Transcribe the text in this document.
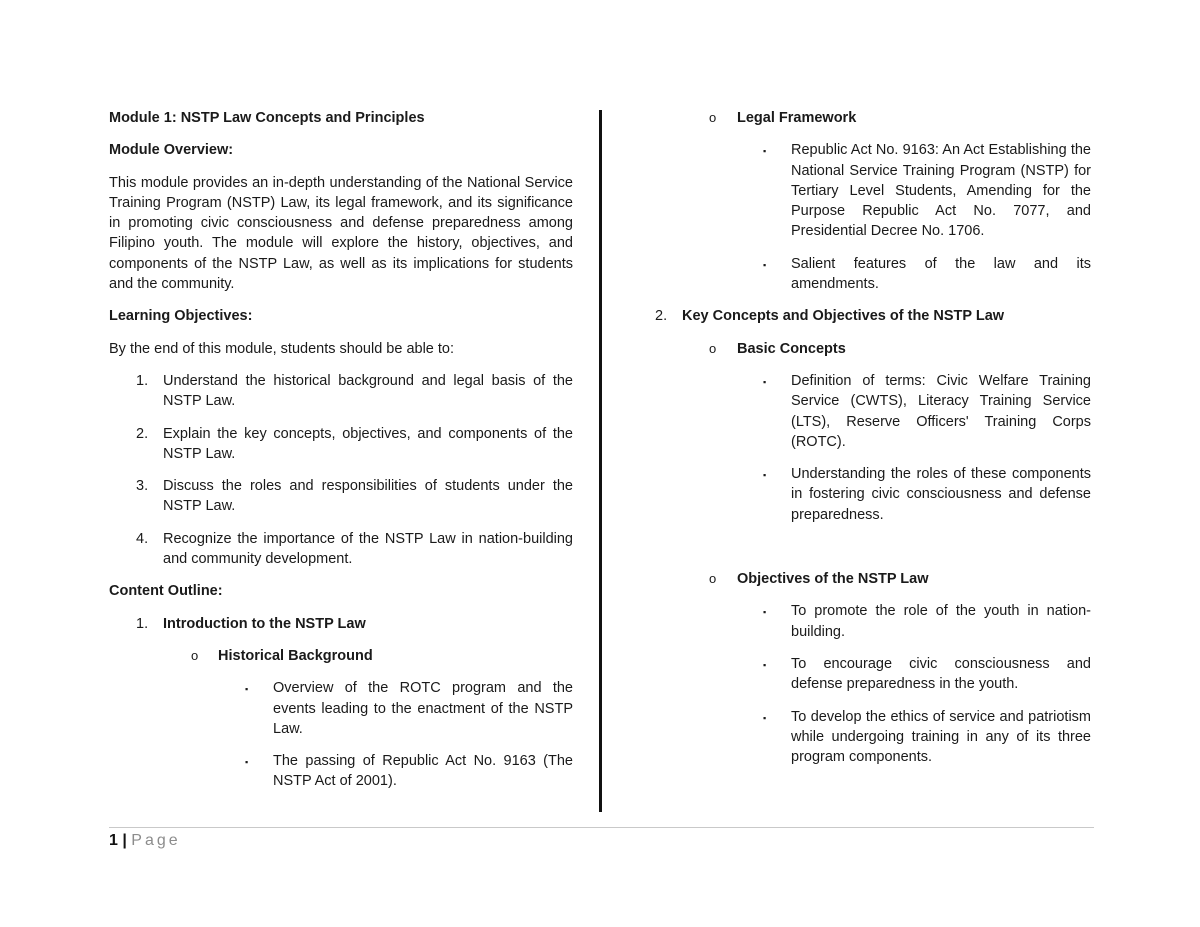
Module 1: NSTP Law Concepts and Principles

Module Overview:

This module provides an in-depth understanding of the National Service Training Program (NSTP) Law, its legal framework, and its significance in promoting civic consciousness and defense preparedness among Filipino youth. The module will explore the history, objectives, and components of the NSTP Law, as well as its implications for students and the community.

Learning Objectives:

By the end of this module, students should be able to:

1. Understand the historical background and legal basis of the NSTP Law.
2. Explain the key concepts, objectives, and components of the NSTP Law.
3. Discuss the roles and responsibilities of students under the NSTP Law.
4. Recognize the importance of the NSTP Law in nation-building and community development.

Content Outline:

1. Introduction to the NSTP Law
o Historical Background
▪ Overview of the ROTC program and the events leading to the enactment of the NSTP Law.
▪ The passing of Republic Act No. 9163 (The NSTP Act of 2001).
o Legal Framework
▪ Republic Act No. 9163: An Act Establishing the National Service Training Program (NSTP) for Tertiary Level Students, Amending for the Purpose Republic Act No. 7077, and Presidential Decree No. 1706.
▪ Salient features of the law and its amendments.
2. Key Concepts and Objectives of the NSTP Law
o Basic Concepts
▪ Definition of terms: Civic Welfare Training Service (CWTS), Literacy Training Service (LTS), Reserve Officers' Training Corps (ROTC).
▪ Understanding the roles of these components in fostering civic consciousness and defense preparedness.
o Objectives of the NSTP Law
▪ To promote the role of the youth in nation-building.
▪ To encourage civic consciousness and defense preparedness in the youth.
▪ To develop the ethics of service and patriotism while undergoing training in any of its three program components.
1 | Page
